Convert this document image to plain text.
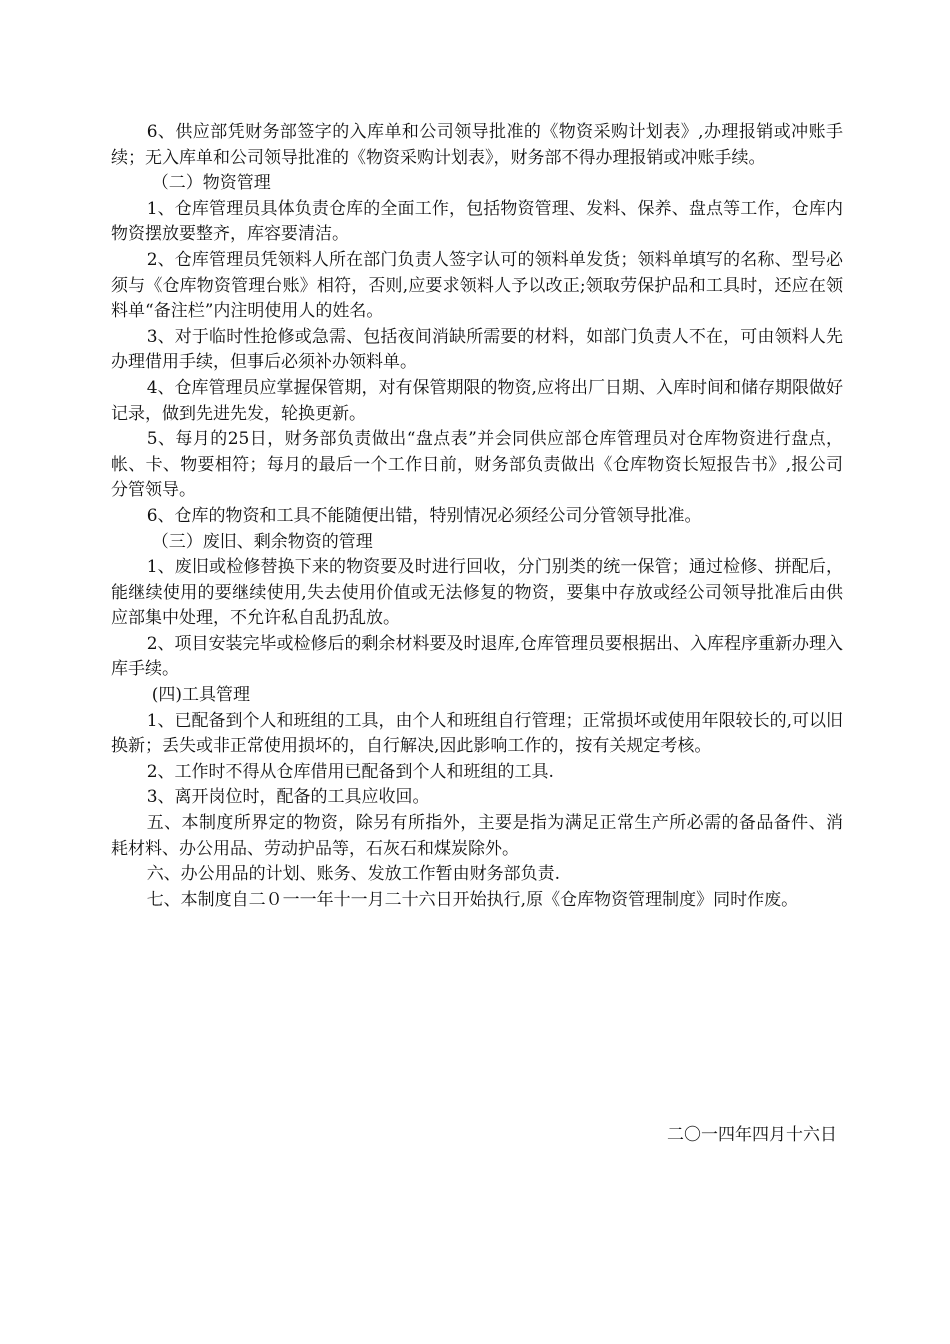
6、供应部凭财务部签字的入库单和公司领导批准的《物资采购计划表》,办理报销或冲账手续；无入库单和公司领导批准的《物资采购计划表》，财务部不得办理报销或冲账手续。

（二）物资管理

1、仓库管理员具体负责仓库的全面工作，包括物资管理、发料、保养、盘点等工作，仓库内物资摆放要整齐，库容要清洁。

2、仓库管理员凭领料人所在部门负责人签字认可的领料单发货；领料单填写的名称、型号必须与《仓库物资管理台账》相符，否则,应要求领料人予以改正;领取劳保护品和工具时，还应在领料单“备注栏”内注明使用人的姓名。

3、对于临时性抢修或急需、包括夜间消缺所需要的材料，如部门负责人不在，可由领料人先办理借用手续，但事后必须补办领料单。

4、仓库管理员应掌握保管期，对有保管期限的物资,应将出厂日期、入库时间和储存期限做好记录，做到先进先发，轮换更新。

5、每月的25日，财务部负责做出“盘点表”并会同供应部仓库管理员对仓库物资进行盘点，帐、卡、物要相符；每月的最后一个工作日前，财务部负责做出《仓库物资长短报告书》,报公司分管领导。

6、仓库的物资和工具不能随便出错，特别情况必须经公司分管领导批准。

（三）废旧、剩余物资的管理

1、废旧或检修替换下来的物资要及时进行回收，分门别类的统一保管；通过检修、拼配后，能继续使用的要继续使用,失去使用价值或无法修复的物资，要集中存放或经公司领导批准后由供应部集中处理，不允许私自乱扔乱放。

2、项目安装完毕或检修后的剩余材料要及时退库,仓库管理员要根据出、入库程序重新办理入库手续。

(四)工具管理

1、已配备到个人和班组的工具，由个人和班组自行管理；正常损坏或使用年限较长的,可以旧换新；丢失或非正常使用损坏的，自行解决,因此影响工作的，按有关规定考核。

2、工作时不得从仓库借用已配备到个人和班组的工具.

3、离开岗位时，配备的工具应收回。

五、本制度所界定的物资，除另有所指外，主要是指为满足正常生产所必需的备品备件、消耗材料、办公用品、劳动护品等，石灰石和煤炭除外。

六、办公用品的计划、账务、发放工作暂由财务部负责.

七、本制度自二０一一年十一月二十六日开始执行,原《仓库物资管理制度》同时作废。

二〇一四年四月十六日
